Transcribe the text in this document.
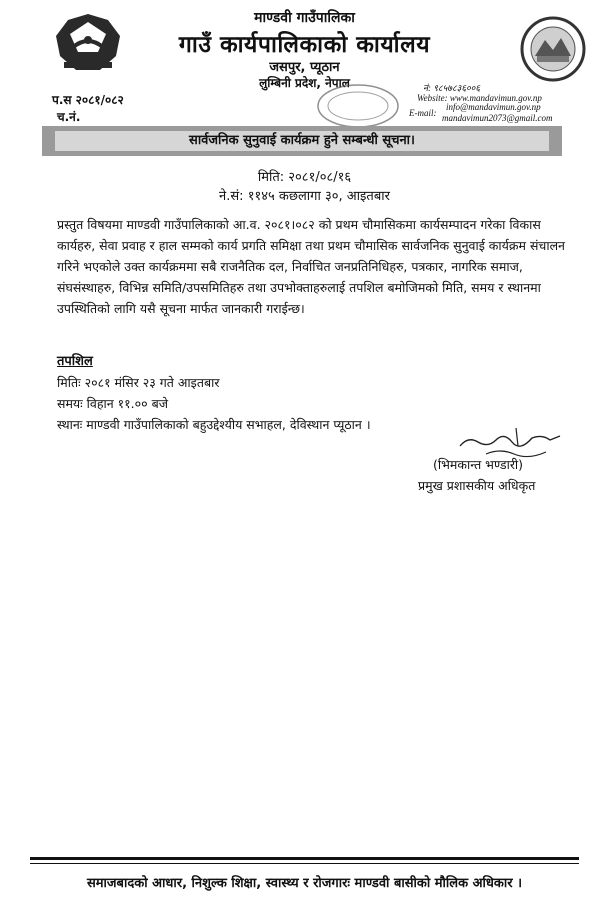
माण्डवी गाउँपालिका
गाउँ कार्यपालिकाको कार्यालय
जसपुर, प्यूठान
लुम्बिनी प्रदेश, नेपाल	नं: ९८५७८३६००६
Website: www.mandavimun.gov.np
E-mail:
info@mandavimun.gov.np
mandavimun2073@gmail.com
प.स २०८१/०८२
च.नं.
सार्वजनिक सुनुवाई कार्यक्रम हुने सम्बन्धी सूचना।
मिति: २०८१/०८/१६
ने.सं: ११४५ कछलागा ३०, आइतबार
प्रस्तुत विषयमा माण्डवी गाउँपालिकाको आ.व. २०८१।०८२ को प्रथम चौमासिकमा कार्यसम्पादन गरेका विकास कार्यहरु, सेवा प्रवाह र हाल सम्मको कार्य प्रगति समिक्षा तथा प्रथम चौमासिक सार्वजनिक सुनुवाई कार्यक्रम संचालन गरिने भएकोले उक्त कार्यक्रममा सबै राजनैतिक दल, निर्वाचित जनप्रतिनिधिहरु, पत्रकार, नागरिक समाज, संघसंस्थाहरु, विभिन्न समिति/उपसमितिहरु तथा उपभोक्ताहरुलाई तपशिल बमोजिमको मिति, समय र स्थानमा उपस्थितिको लागि यसै सूचना मार्फत जानकारी गराईन्छ।
तपशिल
मितिः २०८१ मंसिर २३ गते आइतबार
समयः विहान ११.०० बजे
स्थानः माण्डवी गाउँपालिकाको बहुउद्देश्यीय सभाहल, देविस्थान प्यूठान ।
(भिमकान्त भण्डारी)
प्रमुख प्रशासकीय अधिकृत
समाजबादको आधार, निशुल्क शिक्षा, स्वास्थ्य र रोजगारः माण्डवी बासीको मौलिक अधिकार ।
